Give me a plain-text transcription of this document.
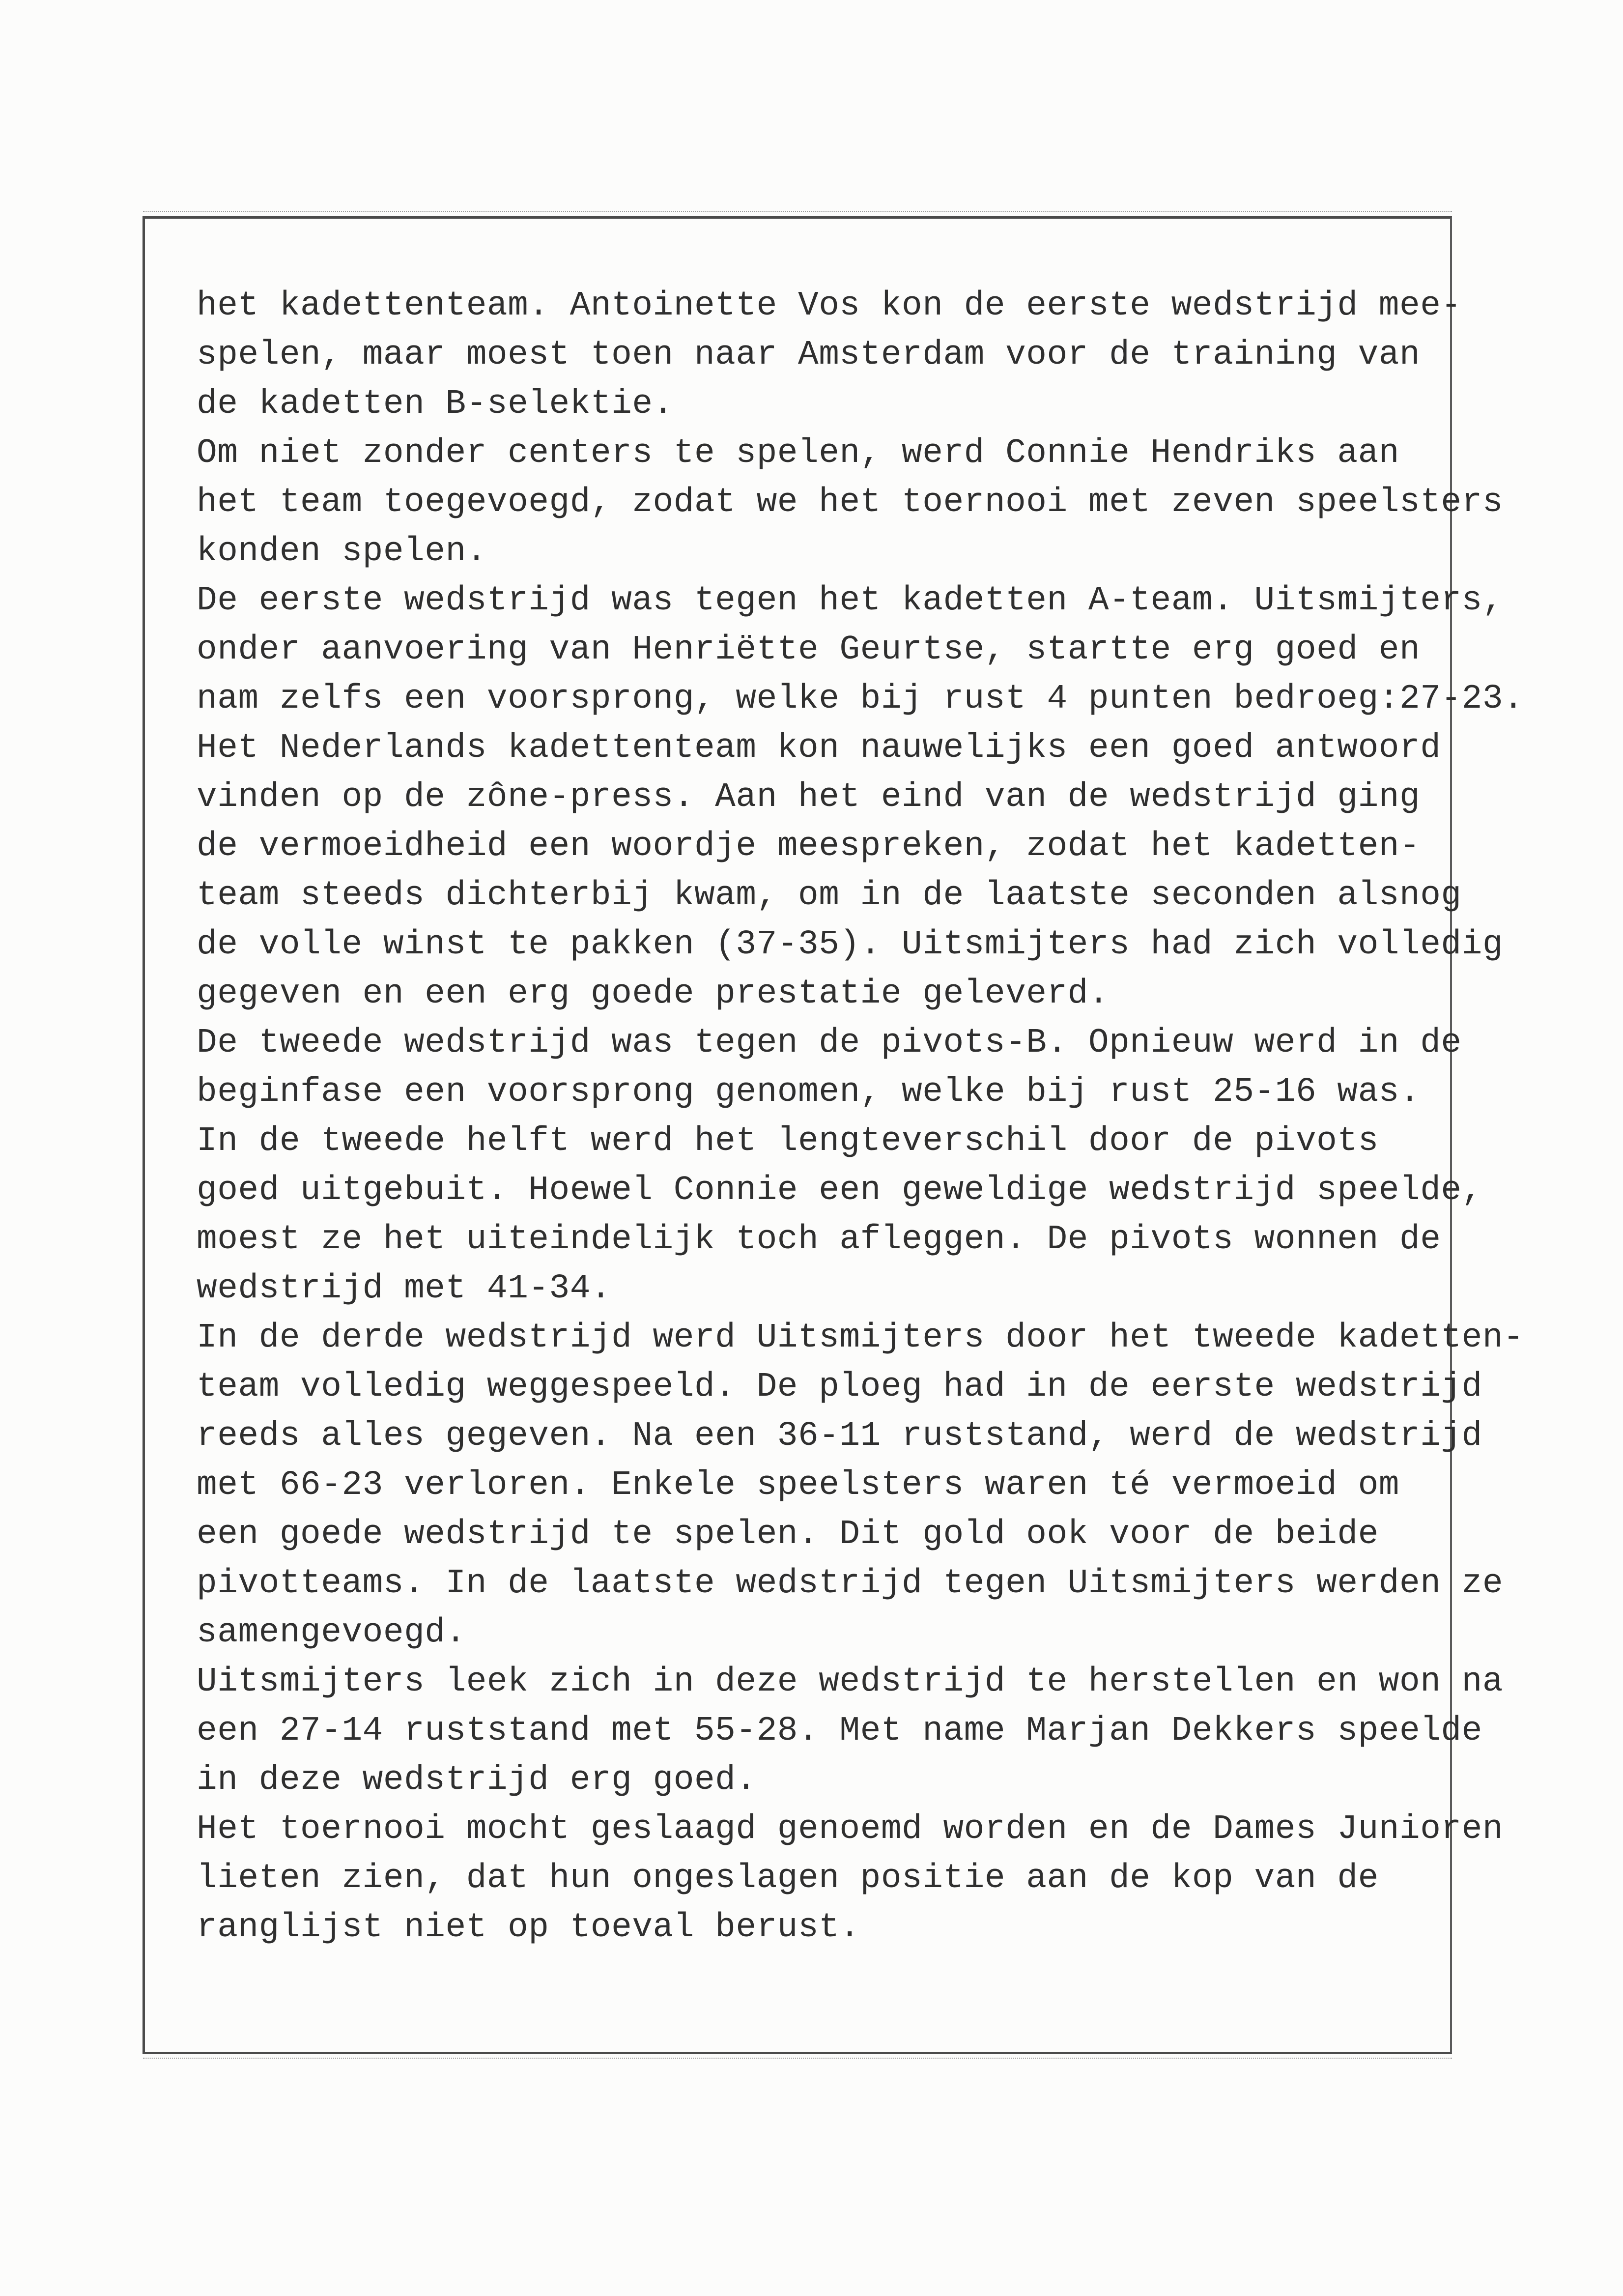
het kadettenteam. Antoinette Vos kon de eerste wedstrijd mee-
spelen, maar moest toen naar Amsterdam voor de training van
de kadetten B-selektie.
Om niet zonder centers te spelen, werd Connie Hendriks aan
het team toegevoegd, zodat we het toernooi met zeven speelsters
konden spelen.
De eerste wedstrijd was tegen het kadetten A-team. Uitsmijters,
onder aanvoering van Henriëtte Geurtse, startte erg goed en
nam zelfs een voorsprong, welke bij rust 4 punten bedroeg:27-23.
Het Nederlands kadettenteam kon nauwelijks een goed antwoord
vinden op de zône-press. Aan het eind van de wedstrijd ging
de vermoeidheid een woordje meespreken, zodat het kadetten-
team steeds dichterbij kwam, om in de laatste seconden alsnog
de volle winst te pakken (37-35). Uitsmijters had zich volledig
gegeven en een erg goede prestatie geleverd.
De tweede wedstrijd was tegen de pivots-B. Opnieuw werd in de
beginfase een voorsprong genomen, welke bij rust 25-16 was.
In de tweede helft werd het lengteverschil door de pivots
goed uitgebuit. Hoewel Connie een geweldige wedstrijd speelde,
moest ze het uiteindelijk toch afleggen. De pivots wonnen de
wedstrijd met 41-34.
In de derde wedstrijd werd Uitsmijters door het tweede kadetten-
team volledig weggespeeld. De ploeg had in de eerste wedstrijd
reeds alles gegeven. Na een 36-11 ruststand, werd de wedstrijd
met 66-23 verloren. Enkele speelsters waren té vermoeid om
een goede wedstrijd te spelen. Dit gold ook voor de beide
pivotteams. In de laatste wedstrijd tegen Uitsmijters werden ze
samengevoegd.
Uitsmijters leek zich in deze wedstrijd te herstellen en won na
een 27-14 ruststand met 55-28. Met name Marjan Dekkers speelde
in deze wedstrijd erg goed.
Het toernooi mocht geslaagd genoemd worden en de Dames Junioren
lieten zien, dat hun ongeslagen positie aan de kop van de
ranglijst niet op toeval berust.
